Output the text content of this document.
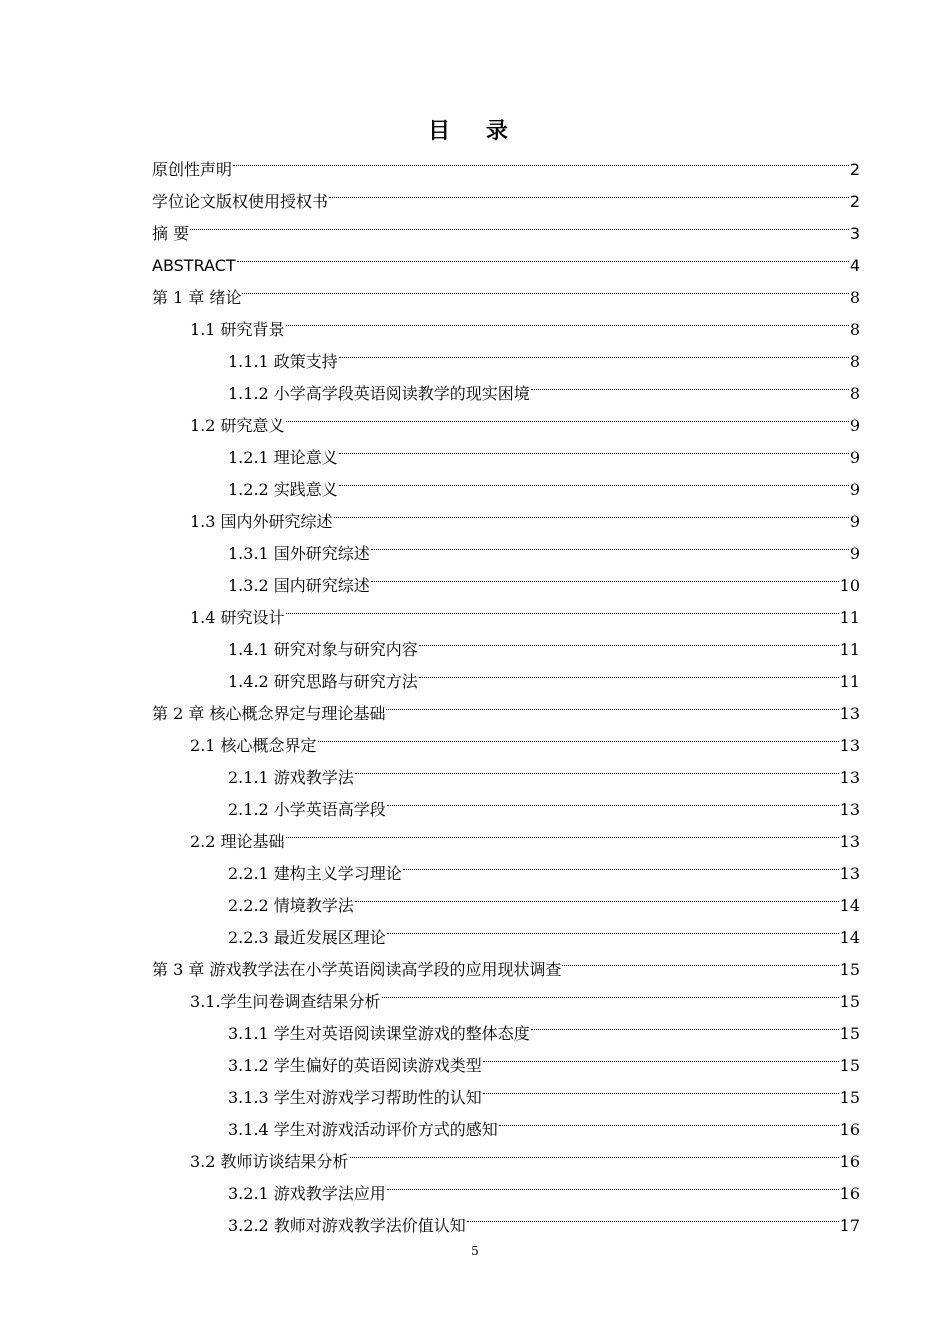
目 录
原创性声明	2
学位论文版权使用授权书	2
摘 要	3
ABSTRACT	4
第 1 章 绪论	8
1.1 研究背景	8
1.1.1 政策支持	8
1.1.2 小学高学段英语阅读教学的现实困境	8
1.2 研究意义	9
1.2.1 理论意义	9
1.2.2 实践意义	9
1.3 国内外研究综述	9
1.3.1 国外研究综述	9
1.3.2 国内研究综述	10
1.4 研究设计	11
1.4.1 研究对象与研究内容	11
1.4.2 研究思路与研究方法	11
第 2 章 核心概念界定与理论基础	13
2.1 核心概念界定	13
2.1.1 游戏教学法	13
2.1.2 小学英语高学段	13
2.2 理论基础	13
2.2.1 建构主义学习理论	13
2.2.2 情境教学法	14
2.2.3 最近发展区理论	14
第 3 章 游戏教学法在小学英语阅读高学段的应用现状调查	15
3.1.学生问卷调查结果分析	15
3.1.1 学生对英语阅读课堂游戏的整体态度	15
3.1.2 学生偏好的英语阅读游戏类型	15
3.1.3 学生对游戏学习帮助性的认知	15
3.1.4 学生对游戏活动评价方式的感知	16
3.2 教师访谈结果分析	16
3.2.1 游戏教学法应用	16
3.2.2 教师对游戏教学法价值认知	17
5
